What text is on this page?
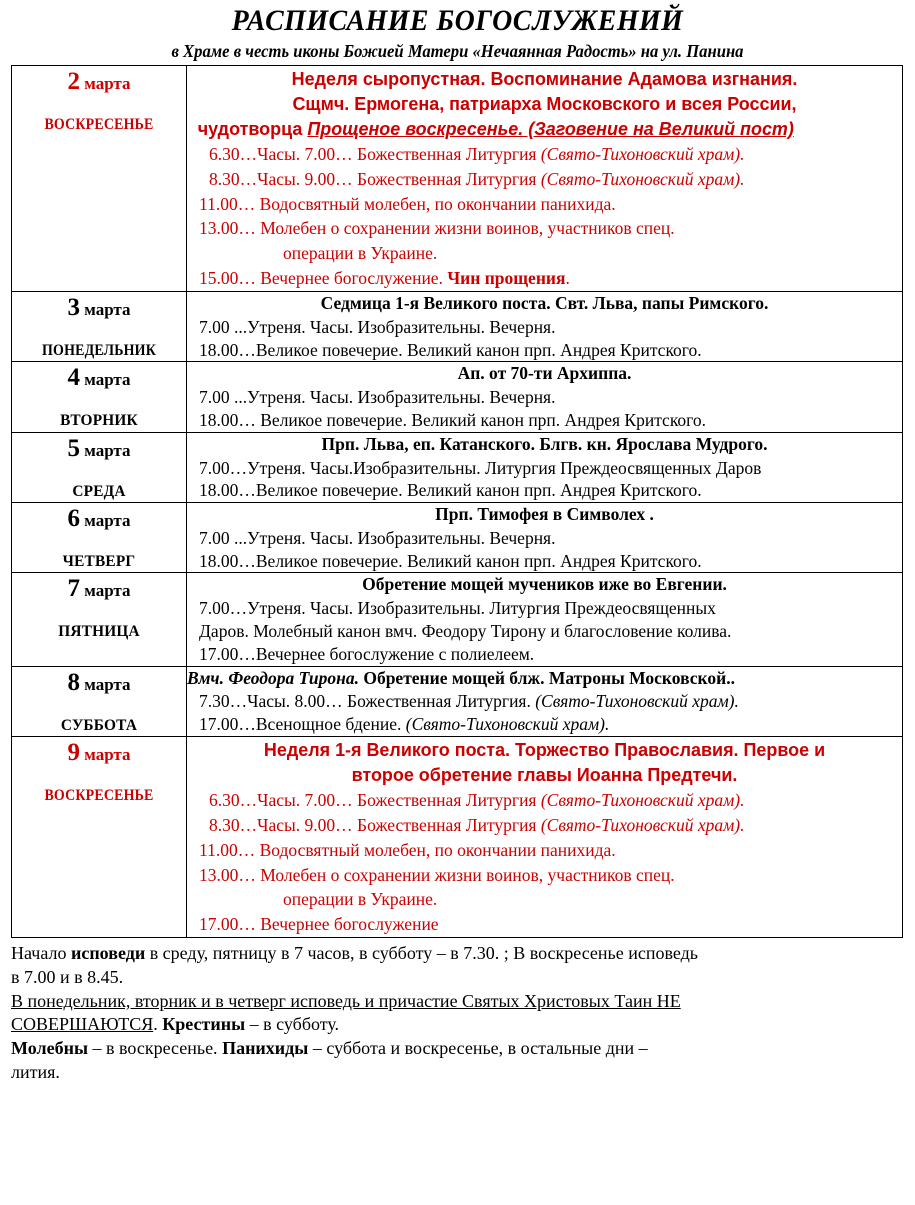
РАСПИСАНИЕ БОГОСЛУЖЕНИЙ
в Храме в честь иконы Божией Матери «Нечаянная Радость» на ул. Панина
2 марта
ВОСКРЕСЕНЬЕ

Неделя сыропустная. Воспоминание Адамова изгнания.
Сщмч. Ермогена, патриарха Московского и всея России,
чудотворца Прощеное воскресенье. (Заговение на Великий пост)
6.30…Часы. 7.00… Божественная Литургия (Свято-Тихоновский храм).
8.30…Часы. 9.00… Божественная Литургия (Свято-Тихоновский храм).
11.00… Водосвятный молебен, по окончании панихида.
13.00… Молебен о сохранении жизни воинов, участников спец.
операции в Украине.
15.00… Вечернее богослужение. Чин прощения.

3 марта
ПОНЕДЕЛЬНИК

Седмица 1-я Великого поста. Свт. Льва, папы Римского.
7.00 ...Утреня. Часы. Изобразительны. Вечерня.
18.00…Великое повечерие. Великий канон прп. Андрея Критского.

4 марта
ВТОРНИК

Ап. от 70-ти Архиппа.
7.00 ...Утреня. Часы. Изобразительны. Вечерня.
18.00… Великое повечерие. Великий канон прп. Андрея Критского.

5 марта
СРЕДА

Прп. Льва, еп. Катанского. Блгв. кн. Ярослава Мудрого.
7.00…Утреня. Часы.Изобразительны. Литургия Преждеосвященных Даров
18.00…Великое повечерие. Великий канон прп. Андрея Критского.

6 марта
ЧЕТВЕРГ

Прп. Тимофея в Символех .
7.00 ...Утреня. Часы. Изобразительны. Вечерня.
18.00…Великое повечерие. Великий канон прп. Андрея Критского.

7 марта
ПЯТНИЦА

Обретение мощей мучеников иже во Евгении.
7.00…Утреня. Часы. Изобразительны. Литургия Преждеосвященных
Даров. Молебный канон вмч. Феодору Тирону и благословение колива.
17.00…Вечернее богослужение с полиелеем.

8 марта
СУББОТА

Вмч. Феодора Тирона. Обретение мощей блж. Матроны Московской..
7.30…Часы. 8.00… Божественная Литургия. (Свято-Тихоновский храм).
17.00…Всенощное бдение. (Свято-Тихоновский храм).

9 марта
ВОСКРЕСЕНЬЕ

Неделя 1-я Великого поста. Торжество Православия. Первое и
второе обретение главы Иоанна Предтечи.
6.30…Часы. 7.00… Божественная Литургия (Свято-Тихоновский храм).
8.30…Часы. 9.00… Божественная Литургия (Свято-Тихоновский храм).
11.00… Водосвятный молебен, по окончании панихида.
13.00… Молебен о сохранении жизни воинов, участников спец.
операции в Украине.
17.00… Вечернее богослужение

Начало исповеди в среду, пятницу в 7 часов, в субботу – в 7.30. ; В воскресенье исповедь

в 7.00 и в 8.45.

В понедельник, вторник и в четверг исповедь и причастие Святых Христовых Таин НЕ

СОВЕРШАЮТСЯ. Крестины – в субботу.

Молебны – в воскресенье. Панихиды – суббота и воскресенье, в остальные дни –

лития.
